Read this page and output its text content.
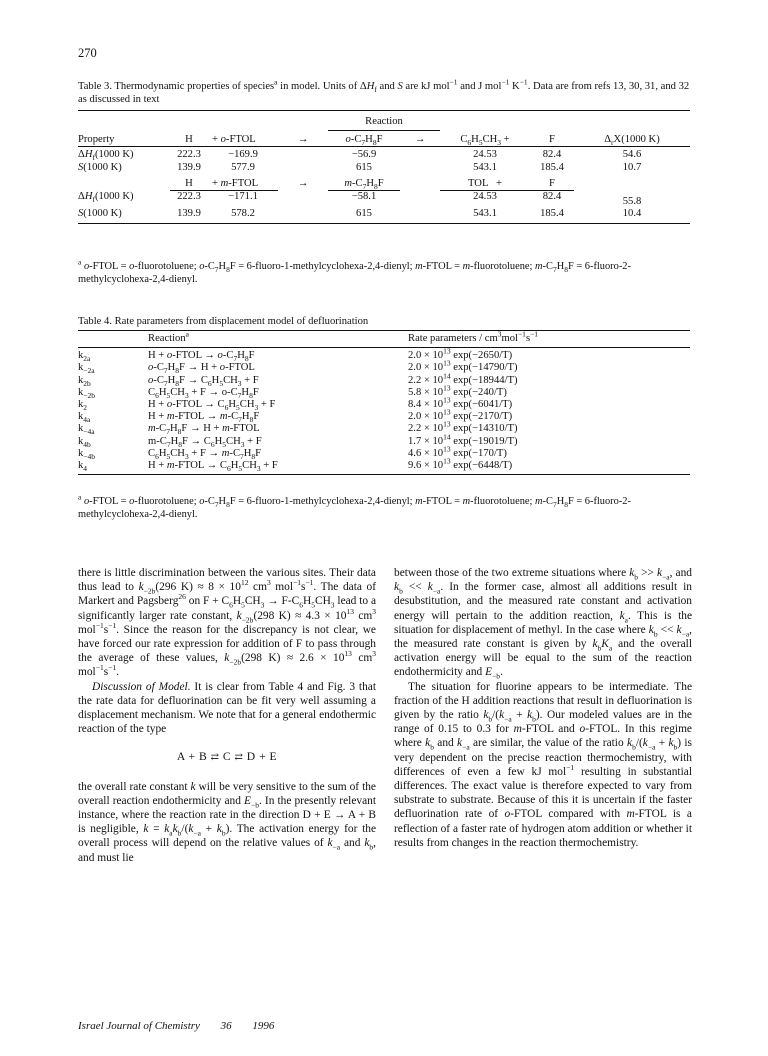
270
Table 3. Thermodynamic properties of species$^a$ in model. Units of $\Delta H_f$ and S are kJ mol$^{-1}$ and J mol$^{-1}$ $K^{-1}$. Data are from refs 13, 30, 31, and 32 as discussed in text
				Reaction				
Property	H	+ o-FTOL	→	$o-C_7H_8F$	→	$C_6H_5CH_3$ +	F	$\Delta_rX(1000$ K)
$\Delta H_f(1000$ K)	222.3	−169.9		−56.9		24.53	82.4	54.6
S(1000 K)	139.9	577.9		615		543.1	185.4	10.7
	H	+ m-FTOL	→	$m-C_7H_8F$		TOL   +	F	
$\Delta H_f(1000$ K)	222.3	−171.1		−58.1		24.53	82.4	55.8
S(1000 K)	139.9	578.2		615		543.1	185.4	10.4
$^a$ o-FTOL = o-fluorotoluene; $o-C_7H_8F$ = 6-fluoro-1-methylcyclohexa-2,4-dienyl; m-FTOL = m-fluorotoluene; $m-C_7H_8F$ = 6-fluoro-2-methylcyclohexa-2,4-dienyl.
Table 4. Rate parameters from displacement model of defluorination
	Reaction$^a$	Rate parameters / $cm^3mol^{-1}s^{-1}$
$k_{2a}$	H + o-FTOL → $o-C_7H_8F$	$2.0 \times 10^{13}$ exp(−2650/T)
$k_{-2a}$	$o-C_7H_8F \to H$ + o-FTOL	$2.0 \times 10^{13}$ exp(−14790/T)
$k_{2b}$	$o-C_7H_8F \to C_6H_5CH_3 + F$	$2.2 \times 10^{14}$ exp(−18944/T)
$k_{-2b}$	$C_6H_5CH_3 + F \to o-C_7H_8F$	$5.8 \times 10^{13}$ exp(−240/T)
$k_2$	H + o-FTOL → $C_6H_5CH_3 + F$	$8.4 \times 10^{13}$ exp(−6041/T)
$k_{4a}$	H + m-FTOL → $m-C_7H_8F$	$2.0 \times 10^{13}$ exp(−2170/T)
$k_{-4a}$	$m-C_7H_8F \to H$ + m-FTOL	$2.2 \times 10^{13}$ exp(−14310/T)
$k_{4b}$	$m-C_7H_8F \to C_6H_5CH_3 + F$	$1.7 \times 10^{14}$ exp(−19019/T)
$k_{-4b}$	$C_6H_5CH_3 + F \to m-C_7H_8F$	$4.6 \times 10^{13}$ exp(−170/T)
$k_4$	H + m-FTOL → $C_6H_5CH_3 + F$	$9.6 \times 10^{13}$ exp(−6448/T)
$^a$ o-FTOL = o-fluorotoluene; $o-C_7H_8F$ = 6-fluoro-1-methylcyclohexa-2,4-dienyl; m-FTOL = m-fluorotoluene; $m-C_7H_8F$ = 6-fluoro-2-methylcyclohexa-2,4-dienyl.

there is little discrimination between the various sites. Their data thus lead to $k_{-2b}(296$ $K) \approx 8 \times 10^{12}$ $cm^3$ $mol^{-1}s^{-1}$. The data of Markert and Pagsberg$^{26}$ on $F + C_6H_5CH_3 \to F-C_6H_5CH_3$ lead to a significantly larger rate constant, $k_{-2b}(298$ $K) \approx 4.3 \times 10^{13}$ $cm^3$ $mol^{-1}s^{-1}$. Since the reason for the discrepancy is not clear, we have forced our rate expression for addition of F to pass through the average of these values, $k_{-2b}(298$ $K) \approx 2.6 \times 10^{13}$ $cm^3$ $mol^{-1}s^{-1}$.

Discussion of Model. It is clear from Table 4 and Fig. 3 that the rate data for defluorination can be fit very well assuming a displacement mechanism. We note that for a general endothermic reaction of the type

A + B ⇄ C ⇄ D + E

the overall rate constant k will be very sensitive to the sum of the overall reaction endothermicity and $E_{-b}$. In the presently relevant instance, where the reaction rate in the direction D + E → A + B is negligible, $k = k_ak_b/(k_{-a} + k_b)$. The activation energy for the overall process will depend on the relative values of $k_{-a}$ and $k_b$, and must lie

between those of the two extreme situations where $k_b >> k_{-a}$, and $k_b << k_{-a}$. In the former case, almost all additions result in desubstitution, and the measured rate constant and activation energy will pertain to the addition reaction, $k_a$. This is the situation for displacement of methyl. In the case where $k_b << k_{-a}$, the measured rate constant is given by $k_bK_a$ and the overall activation energy will be equal to the sum of the reaction endothermicity and $E_{-b}$.

The situation for fluorine appears to be intermediate. The fraction of the H addition reactions that result in defluorination is given by the ratio $k_b/(k_{-a} + k_b)$. Our modeled values are in the range of 0.15 to 0.3 for m-FTOL and o-FTOL. In this regime where $k_b$ and $k_{-a}$ are similar, the value of the ratio $k_b/(k_{-a} + k_b)$ is very dependent on the precise reaction thermochemistry, with differences of even a few kJ mol$^{-1}$ resulting in substantial differences. The exact value is therefore expected to vary from substrate to substrate. Because of this it is uncertain if the faster defluorination rate of o-FTOL compared with m-FTOL is a reflection of a faster rate of hydrogen atom addition or whether it results from changes in the reaction thermochemistry.

Israel Journal of Chemistry 36 1996
